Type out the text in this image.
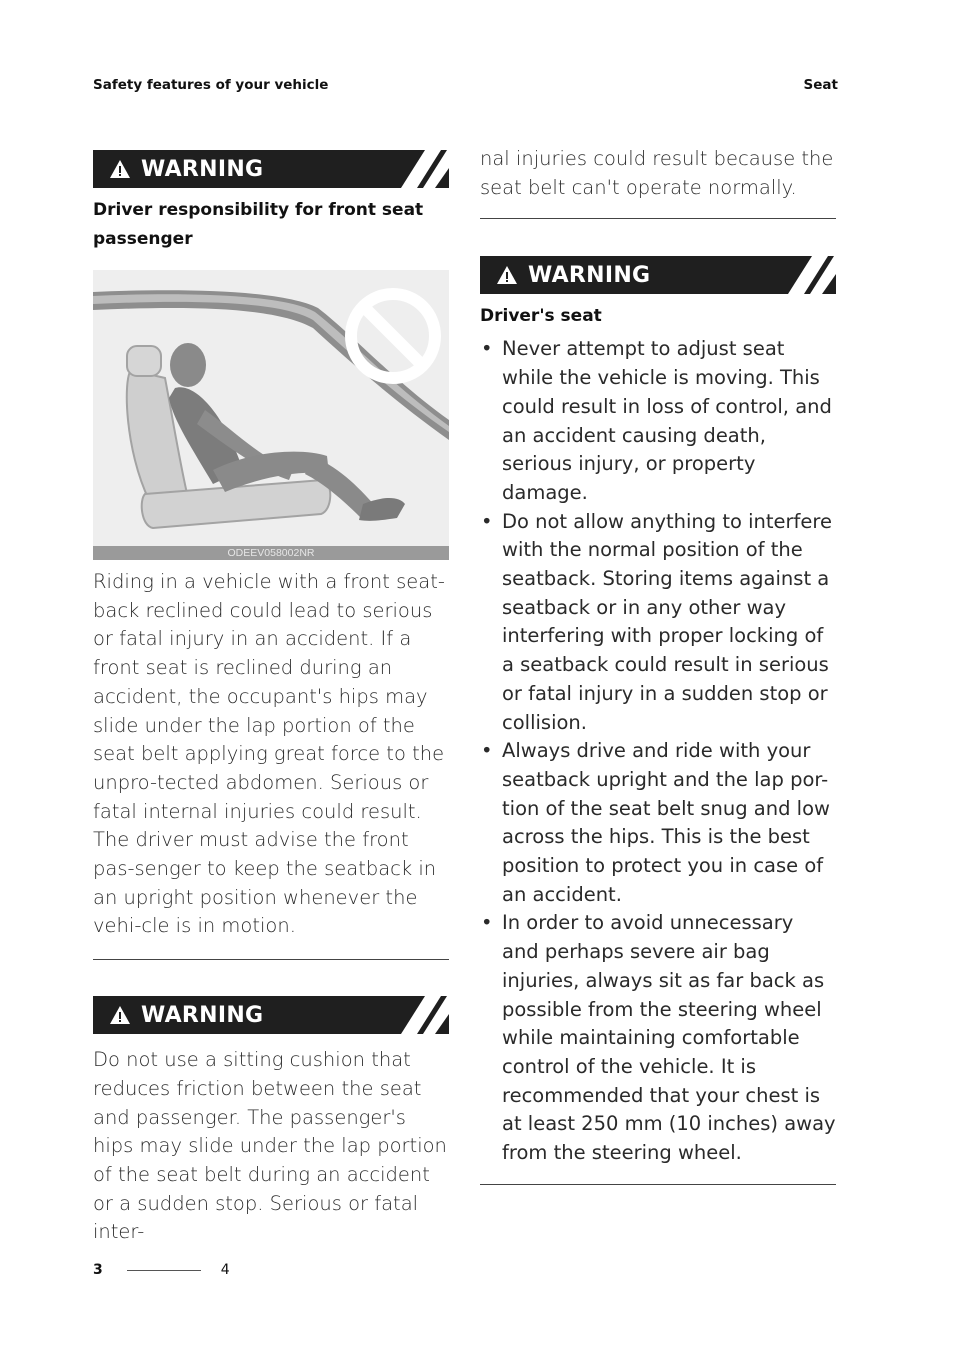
Safety features of your vehicle	Seat
WARNING
Driver responsibility for front seat
passenger
ODEEV058002NR

Riding in a vehicle with a front seat-back reclined could lead to serious or fatal injury in an accident. If a front seat is reclined during an accident, the occupant's hips may slide under the lap portion of the seat belt applying great force to the unpro-tected abdomen. Serious or fatal internal injuries could result. The driver must advise the front pas-senger to keep the seatback in an upright position whenever the vehi-cle is in motion.

WARNING

Do not use a sitting cushion that reduces friction between the seat and passenger. The passenger's hips may slide under the lap portion of the seat belt during an accident or a sudden stop. Serious or fatal inter-

nal injuries could result because the seat belt can't operate normally.

WARNING
Driver's seat
• Never attempt to adjust seat while the vehicle is moving. This could result in loss of control, and an accident causing death, serious injury, or property damage.
• Do not allow anything to interfere with the normal position of the seatback. Storing items against a seatback or in any other way interfering with proper locking of a seatback could result in serious or fatal injury in a sudden stop or collision.
• Always drive and ride with your seatback upright and the lap por-tion of the seat belt snug and low across the hips. This is the best position to protect you in case of an accident.
• In order to avoid unnecessary and perhaps severe air bag injuries, always sit as far back as possible from the steering wheel while maintaining comfortable control of the vehicle. It is recommended that your chest is at least 250 mm (10 inches) away from the steering wheel.
3	4
